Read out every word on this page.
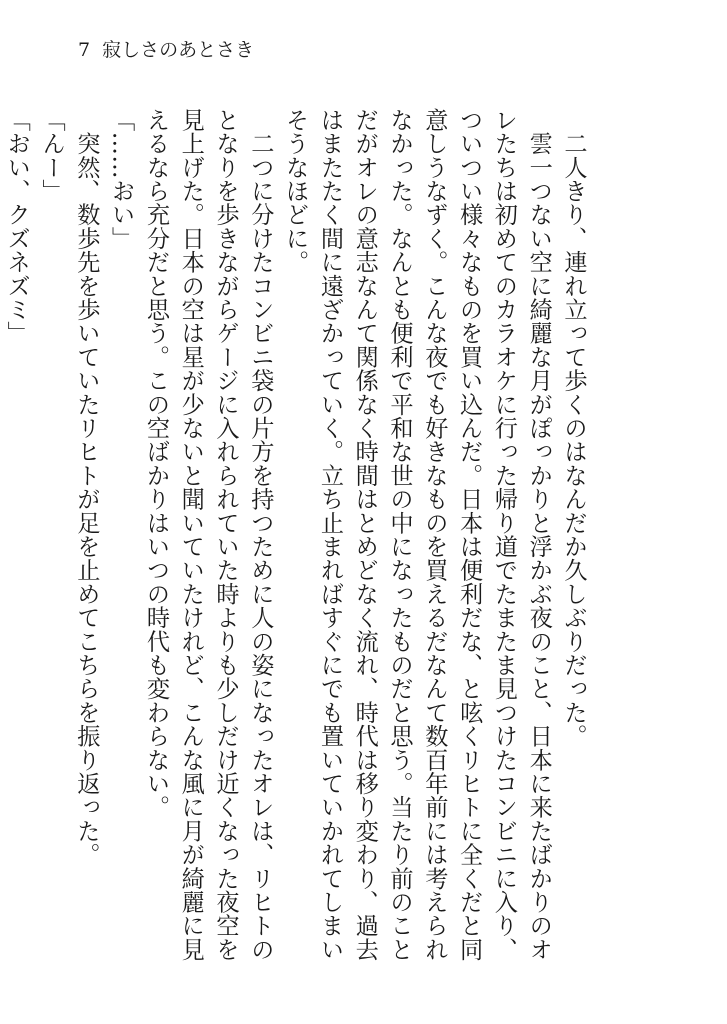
7 寂しさのあとさき

　二人きり、連れ立って歩くのはなんだか久しぶりだった。

　雲一つない空に綺麗な月がぽっかりと浮かぶ夜のこと、日本に来たばかりのオレたちは初めてのカラオケに行った帰り道でたまたま見つけたコンビニに入り、ついつい様々なものを買い込んだ。日本は便利だな、と呟くリヒトに全くだと同意しうなずく。こんな夜でも好きなものを買えるだなんて数百年前には考えられなかった。なんとも便利で平和な世の中になったものだと思う。当たり前のことだがオレの意志なんて関係なく時間はとめどなく流れ、時代は移り変わり、過去はまたたく間に遠ざかっていく。立ち止まればすぐにでも置いていかれてしまいそうなほどに。

　二つに分けたコンビニ袋の片方を持つために人の姿になったオレは、リヒトのとなりを歩きながらゲージに入れられていた時よりも少しだけ近くなった夜空を見上げた。日本の空は星が少ないと聞いていたけれど、こんな風に月が綺麗に見えるなら充分だと思う。この空ばかりはいつの時代も変わらない。

「……おい」

　突然、数歩先を歩いていたリヒトが足を止めてこちらを振り返った。

「んー」

「おい、クズネズミ」
